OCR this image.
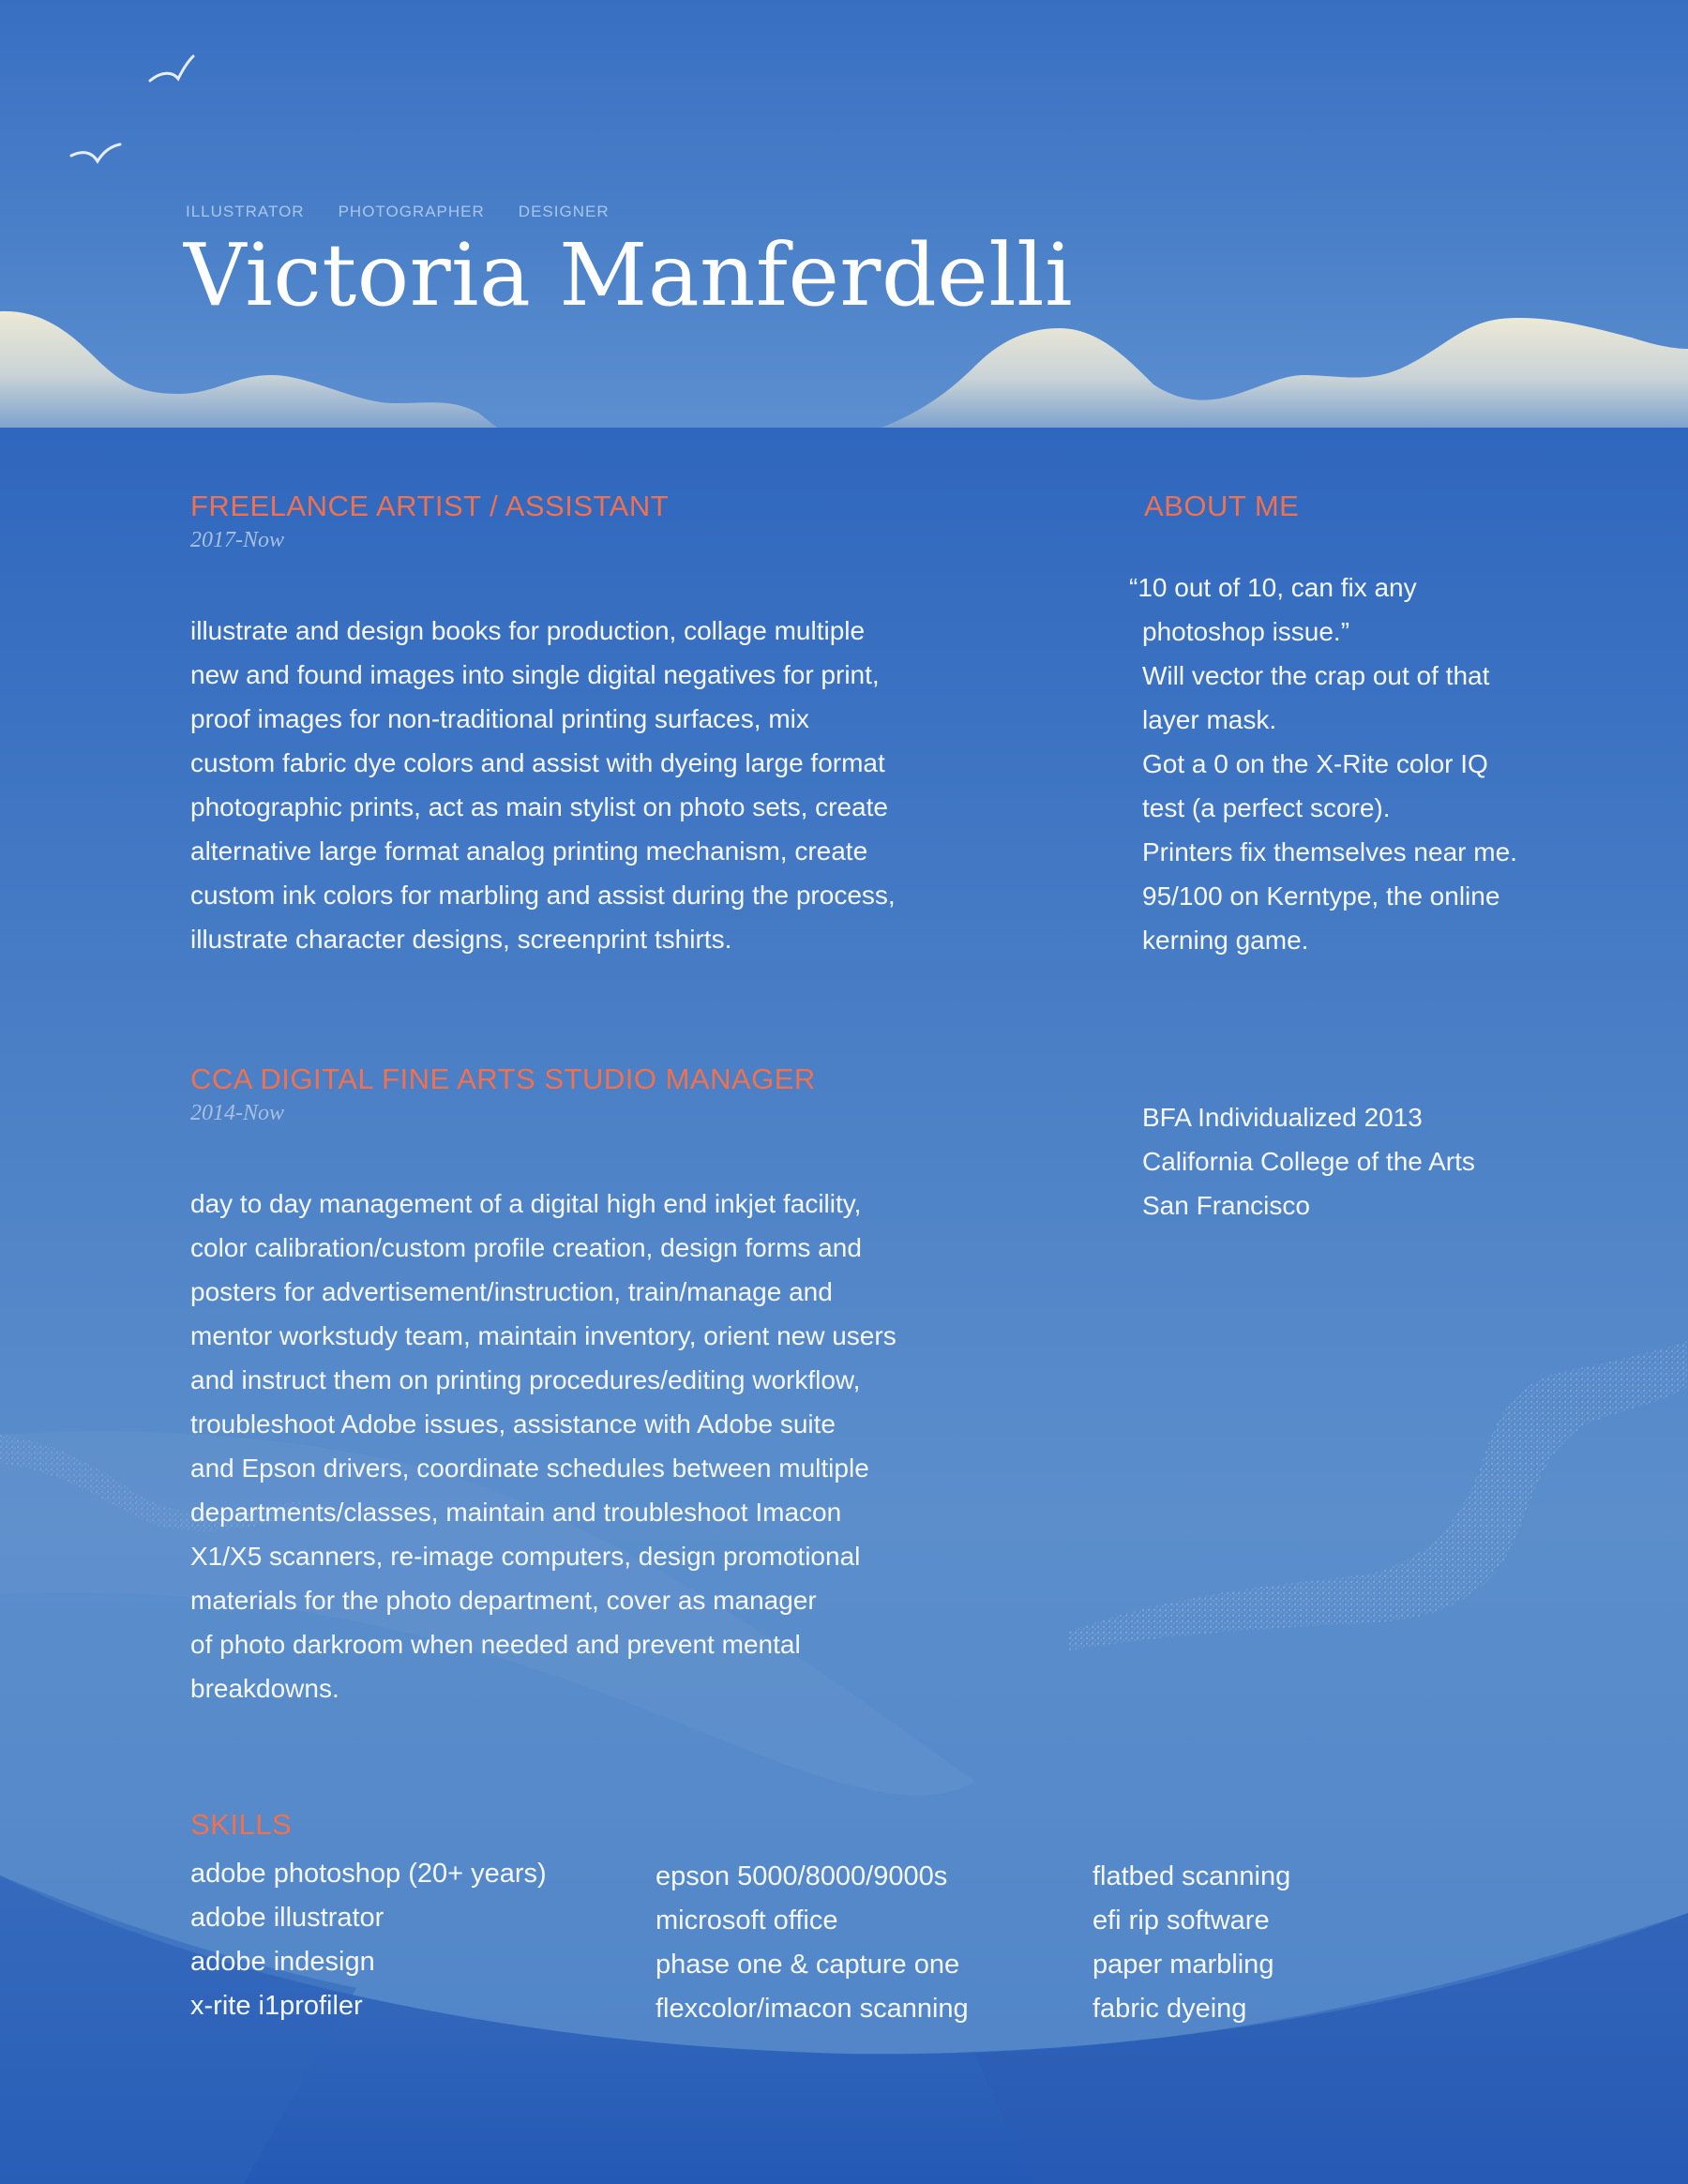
ILLUSTRATOR PHOTOGRAPHER DESIGNER
Victoria Manferdelli
FREELANCE ARTIST / ASSISTANT
2017-Now
illustrate and design books for production, collage multiple
new and found images into single digital negatives for print,
proof images for non-traditional printing surfaces, mix
custom fabric dye colors and assist with dyeing large format
photographic prints, act as main stylist on photo sets, create
alternative large format analog printing mechanism, create
custom ink colors for marbling and assist during the process,
illustrate character designs, screenprint tshirts.
CCA DIGITAL FINE ARTS STUDIO MANAGER
2014-Now
day to day management of a digital high end inkjet facility,
color calibration/custom profile creation, design forms and
posters for advertisement/instruction, train/manage and
mentor workstudy team, maintain inventory, orient new users
and instruct them on printing procedures/editing workflow,
troubleshoot Adobe issues, assistance with Adobe suite
and Epson drivers, coordinate schedules between multiple
departments/classes, maintain and troubleshoot Imacon
X1/X5 scanners, re-image computers, design promotional
materials for the photo department, cover as manager
of photo darkroom when needed and prevent mental
breakdowns.
ABOUT ME
“10 out of 10, can fix any
photoshop issue.”
Will vector the crap out of that
layer mask.
Got a 0 on the X-Rite color IQ
test (a perfect score).
Printers fix themselves near me.
95/100 on Kerntype, the online
kerning game.
BFA Individualized 2013
California College of the Arts
San Francisco
SKILLS
adobe photoshop (20+ years)
adobe illustrator
adobe indesign
x-rite i1profiler
epson 5000/8000/9000s
microsoft office
phase one & capture one
flexcolor/imacon scanning
flatbed scanning
efi rip software
paper marbling
fabric dyeing
